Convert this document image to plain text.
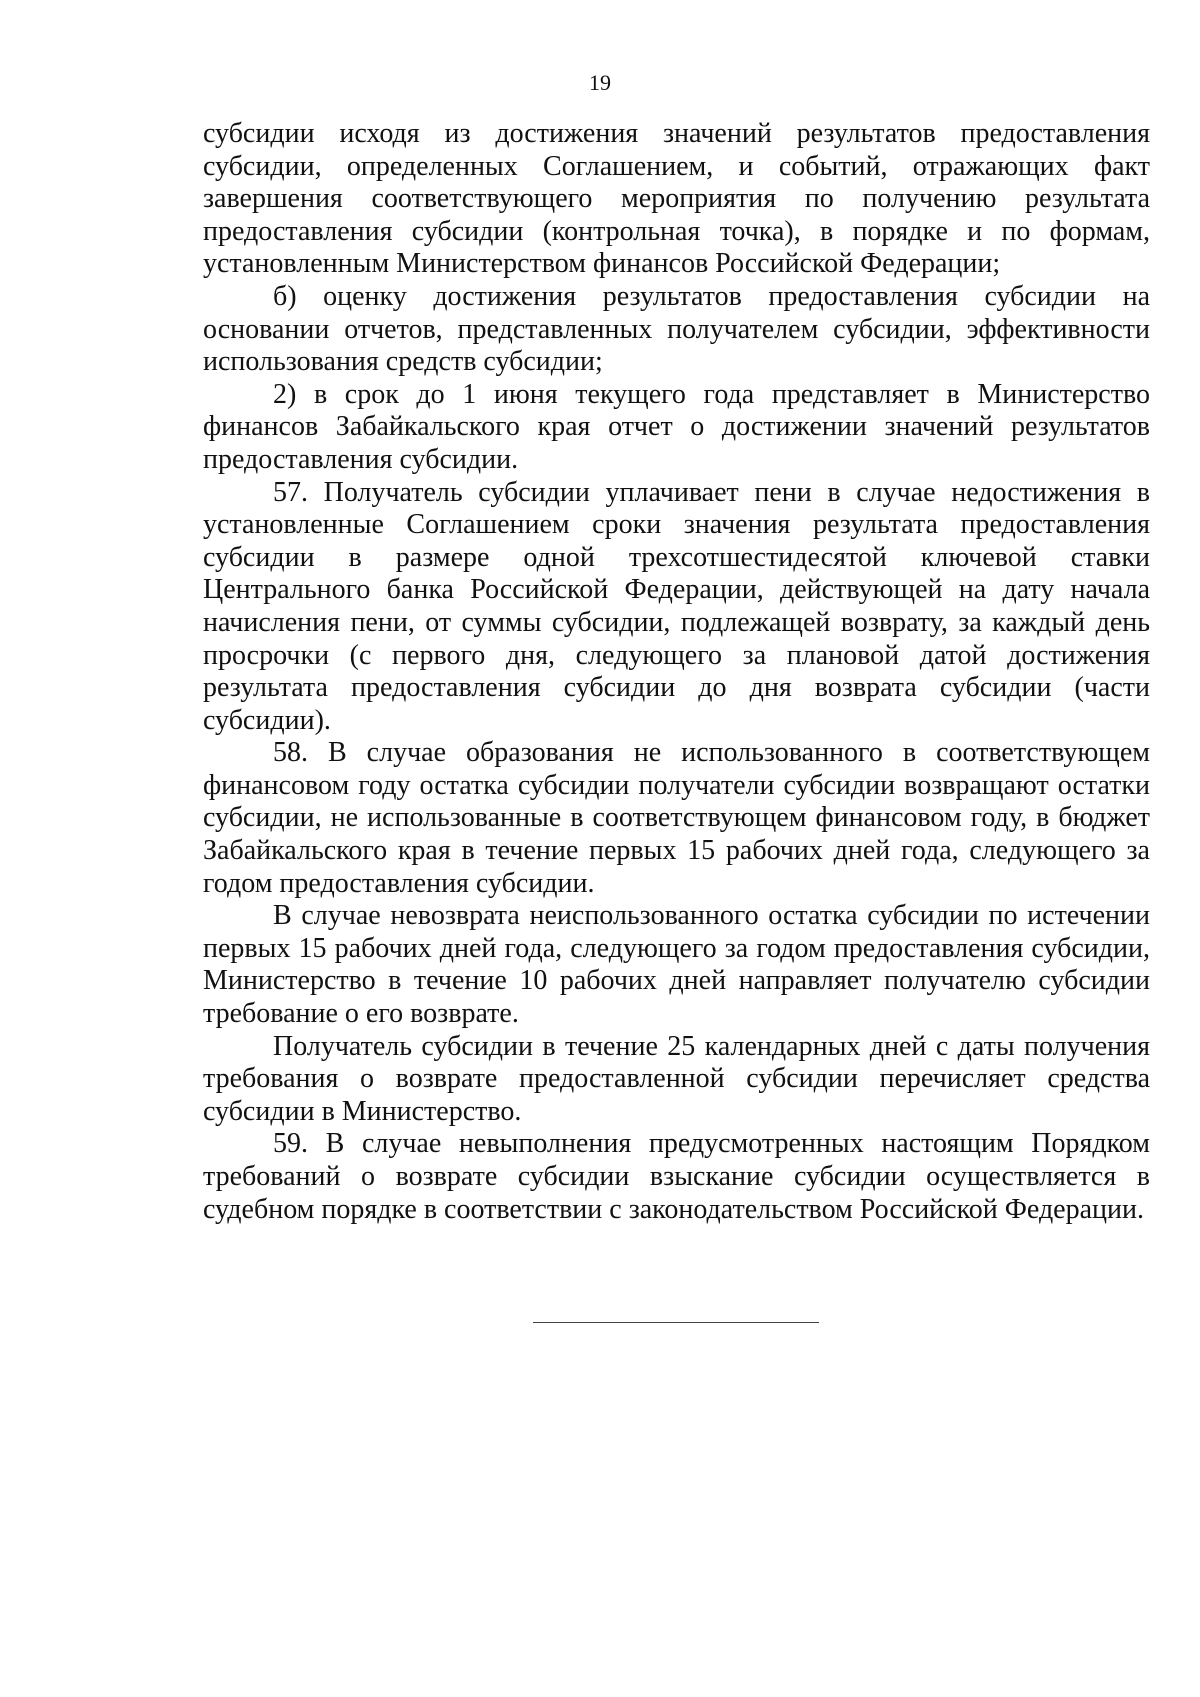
19

субсидии исходя из достижения значений результатов предоставления субсидии, определенных Соглашением, и событий, отражающих факт завершения соответствующего мероприятия по получению результата предоставления субсидии (контрольная точка), в порядке и по формам, установленным Министерством финансов Российской Федерации;

б) оценку достижения результатов предоставления субсидии на основании отчетов, представленных получателем субсидии, эффективности использования средств субсидии;

2) в срок до 1 июня текущего года представляет в Министерство финансов Забайкальского края отчет о достижении значений результатов предоставления субсидии.

57. Получатель субсидии уплачивает пени в случае недостижения в установленные Соглашением сроки значения результата предоставления субсидии в размере одной трехсотшестидесятой ключевой ставки Центрального банка Российской Федерации, действующей на дату начала начисления пени, от суммы субсидии, подлежащей возврату, за каждый день просрочки (с первого дня, следующего за плановой датой достижения результата предоставления субсидии до дня возврата субсидии (части субсидии).

58. В случае образования не использованного в соответствующем финансовом году остатка субсидии получатели субсидии возвращают остатки субсидии, не использованные в соответствующем финансовом году, в бюджет Забайкальского края в течение первых 15 рабочих дней года, следующего за годом предоставления субсидии.

В случае невозврата неиспользованного остатка субсидии по истечении первых 15 рабочих дней года, следующего за годом предоставления субсидии, Министерство в течение 10 рабочих дней направляет получателю субсидии требование о его возврате.

Получатель субсидии в течение 25 календарных дней с даты получения требования о возврате предоставленной субсидии перечисляет средства субсидии в Министерство.

59. В случае невыполнения предусмотренных настоящим Порядком требований о возврате субсидии взыскание субсидии осуществляется в судебном порядке в соответствии с законодательством Российской Федерации.
